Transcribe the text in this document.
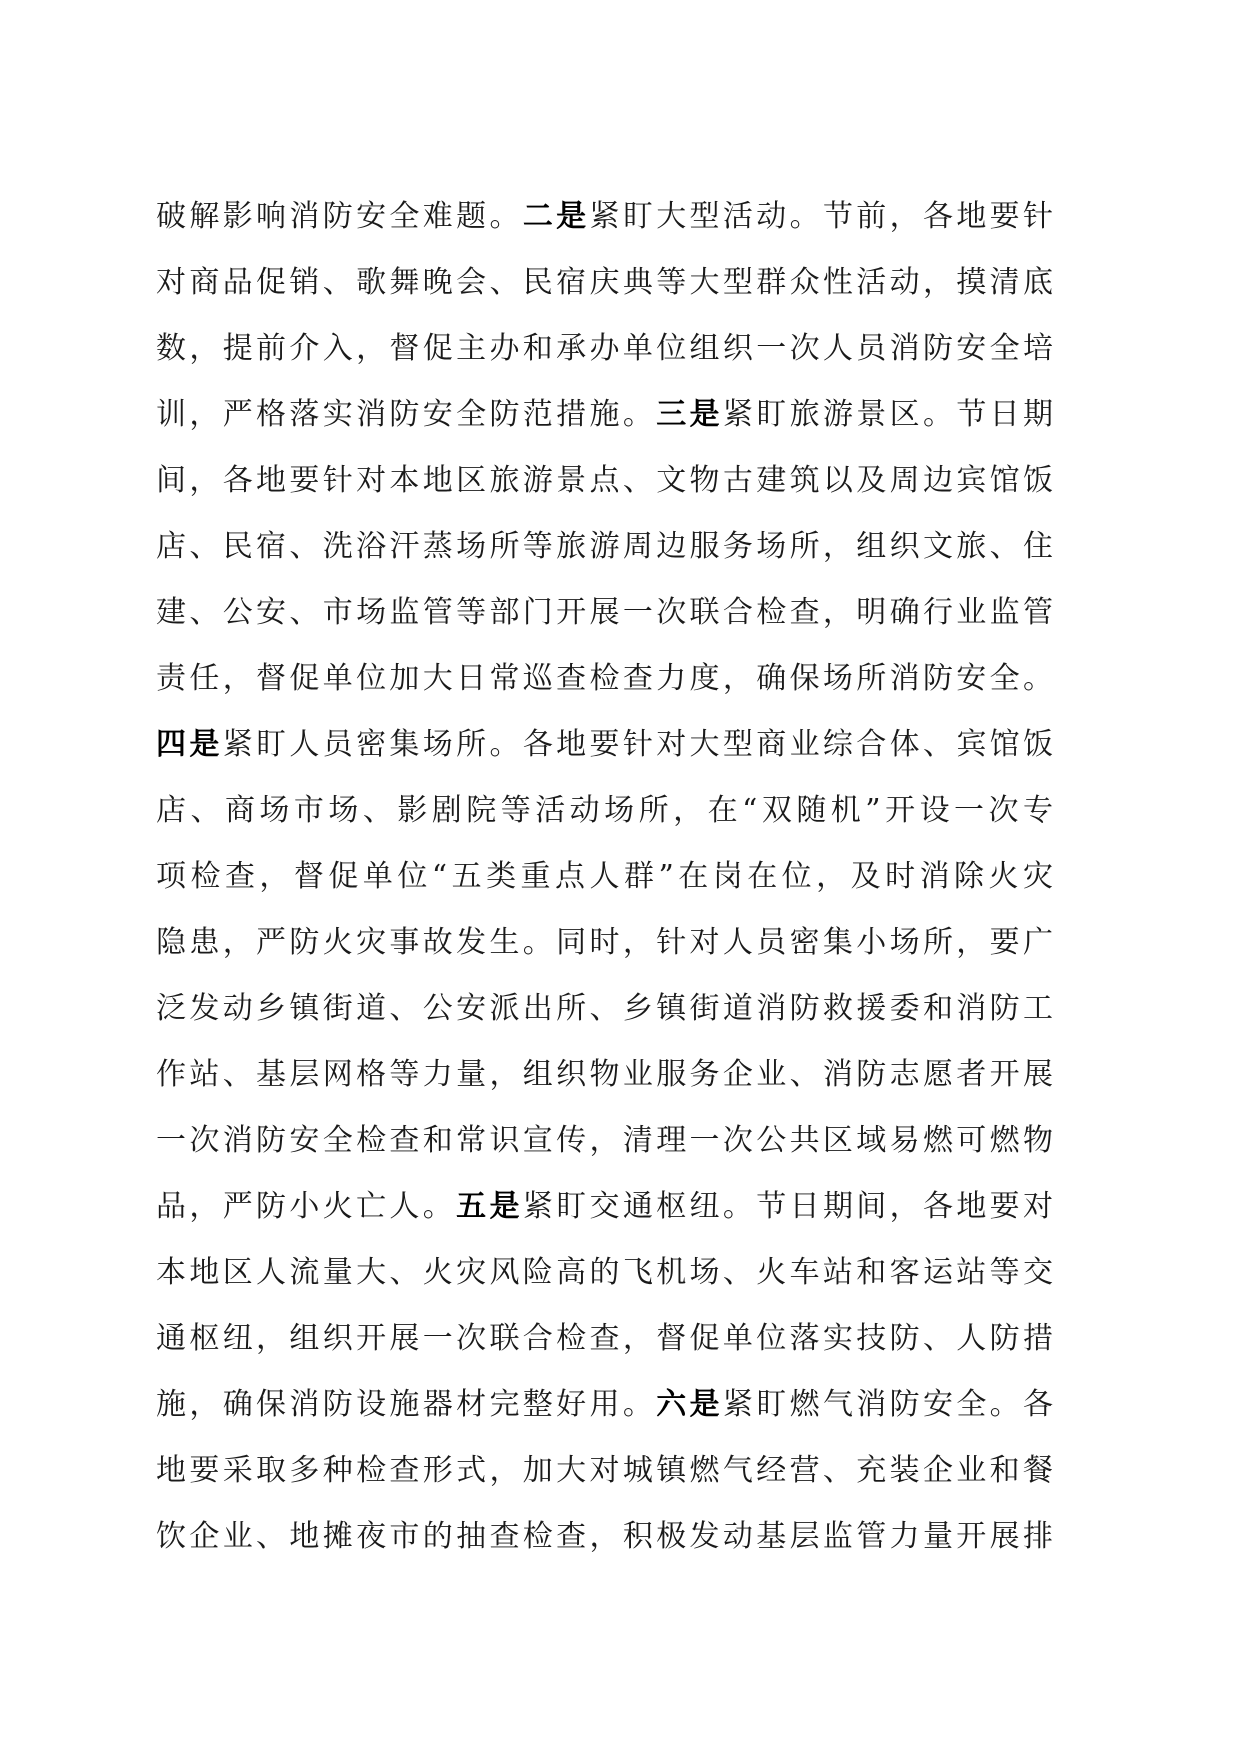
破解影响消防安全难题。二是紧盯大型活动。节前，各地要针
对商品促销、歌舞晚会、民宿庆典等大型群众性活动，摸清底
数，提前介入，督促主办和承办单位组织一次人员消防安全培
训，严格落实消防安全防范措施。三是紧盯旅游景区。节日期
间，各地要针对本地区旅游景点、文物古建筑以及周边宾馆饭
店、民宿、洗浴汗蒸场所等旅游周边服务场所，组织文旅、住
建、公安、市场监管等部门开展一次联合检查，明确行业监管
责任，督促单位加大日常巡查检查力度，确保场所消防安全。
四是紧盯人员密集场所。各地要针对大型商业综合体、宾馆饭
店、商场市场、影剧院等活动场所，在“双随机”开设一次专
项检查，督促单位“五类重点人群”在岗在位，及时消除火灾
隐患，严防火灾事故发生。同时，针对人员密集小场所，要广
泛发动乡镇街道、公安派出所、乡镇街道消防救援委和消防工
作站、基层网格等力量，组织物业服务企业、消防志愿者开展
一次消防安全检查和常识宣传，清理一次公共区域易燃可燃物
品，严防小火亡人。五是紧盯交通枢纽。节日期间，各地要对
本地区人流量大、火灾风险高的飞机场、火车站和客运站等交
通枢纽，组织开展一次联合检查，督促单位落实技防、人防措
施，确保消防设施器材完整好用。六是紧盯燃气消防安全。各
地要采取多种检查形式，加大对城镇燃气经营、充装企业和餐
饮企业、地摊夜市的抽查检查，积极发动基层监管力量开展排
